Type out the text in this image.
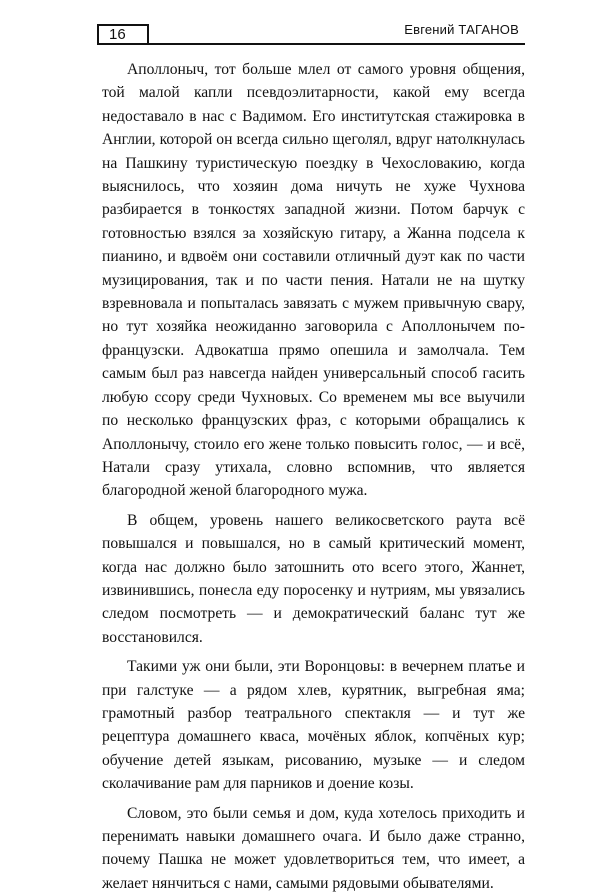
16	Евгений ТАГАНОВ

Аполлоныч, тот больше млел от самого уровня общения, той малой капли псевдоэлитарности, какой ему всегда недоставало в нас с Вадимом. Его институтская стажировка в Англии, которой он всегда сильно щеголял, вдруг натолкнулась на Пашкину туристическую поездку в Чехословакию, когда выяснилось, что хозяин дома ничуть не хуже Чухнова разбирается в тонкостях западной жизни. Потом барчук с готовностью взялся за хозяйскую гитару, а Жанна подсела к пианино, и вдвоём они составили отличный дуэт как по части музицирования, так и по части пения. Натали не на шутку взревновала и попыталась завязать с мужем привычную свару, но тут хозяйка неожиданно заговорила с Аполлонычем по-французски. Адвокатша прямо опешила и замолчала. Тем самым был раз навсегда найден универсальный способ гасить любую ссору среди Чухновых. Со временем мы все выучили по несколько французских фраз, с которыми обращались к Аполлонычу, стоило его жене только повысить голос, — и всё, Натали сразу утихала, словно вспомнив, что является благородной женой благородного мужа.

В общем, уровень нашего великосветского раута всё повышался и повышался, но в самый критический момент, когда нас должно было затошнить ото всего этого, Жаннет, извинившись, понесла еду поросенку и нутриям, мы увязались следом посмотреть — и демократический баланс тут же восстановился.

Такими уж они были, эти Воронцовы: в вечернем платье и при галстуке — а рядом хлев, курятник, выгребная яма; грамотный разбор театрального спектакля — и тут же рецептура домашнего кваса, мочёных яблок, копчёных кур; обучение детей языкам, рисованию, музыке — и следом сколачивание рам для парников и доение козы.

Словом, это были семья и дом, куда хотелось приходить и перенимать навыки домашнего очага. И было даже странно, почему Пашка не может удовлетвориться тем, что имеет, а желает нянчиться с нами, самыми рядовыми обывателями.
